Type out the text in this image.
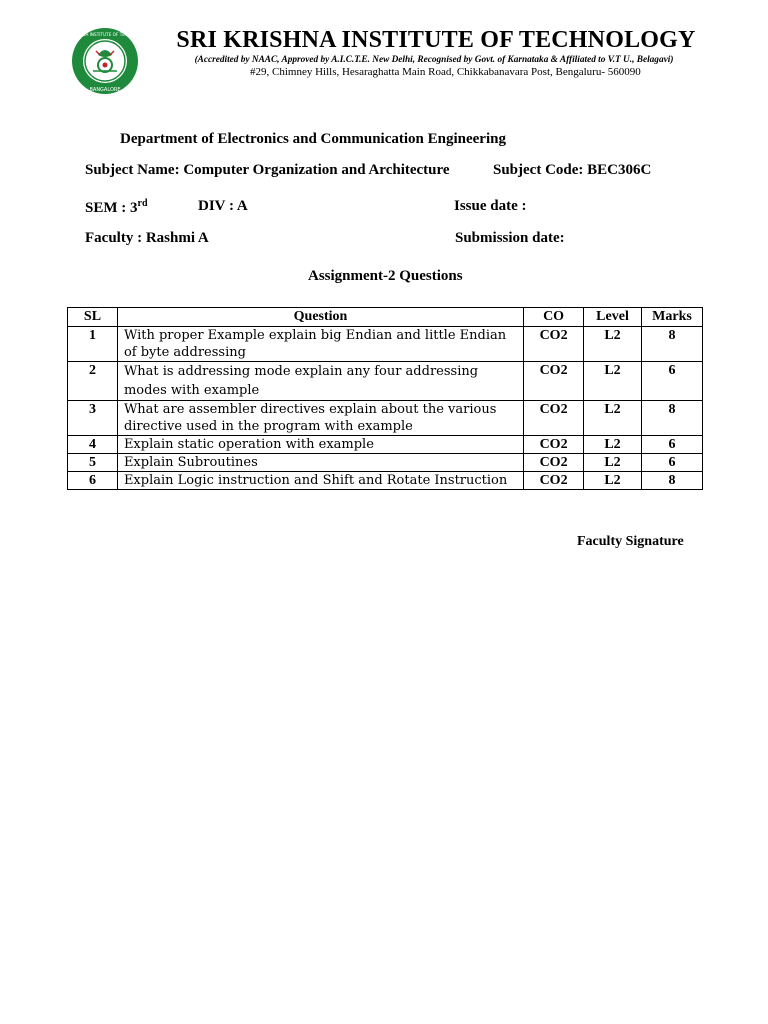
BANGALORE
SRI KRISHNA INSTITUTE OF TECHNOLOGY	SRI KRISHNA INSTITUTE OF TECHNOLOGY
(Accredited by NAAC, Approved by A.I.C.T.E. New Delhi, Recognised by Govt. of Karnataka & Affiliated to V.T U., Belagavi)
#29, Chimney Hills, Hesaraghatta Main Road, Chikkabanavara Post, Bengaluru- 560090
Department of Electronics and Communication Engineering
Subject Name: Computer Organization and Architecture	Subject Code: BEC306C
SEM : 3rd	DIV : A	Issue date :
Faculty : Rashmi A	Submission date:
Assignment-2 Questions
SL	Question	CO	Level	Marks
1	With proper Example explain big Endian and little Endian of byte addressing	CO2	L2	8
2	What is addressing mode explain any four addressing modes with example	CO2	L2	6
3	What are assembler directives explain about the various directive used in the program with example	CO2	L2	8
4	Explain static operation with example	CO2	L2	6
5	Explain Subroutines	CO2	L2	6
6	Explain Logic instruction and Shift and Rotate Instruction	CO2	L2	8
Faculty Signature
